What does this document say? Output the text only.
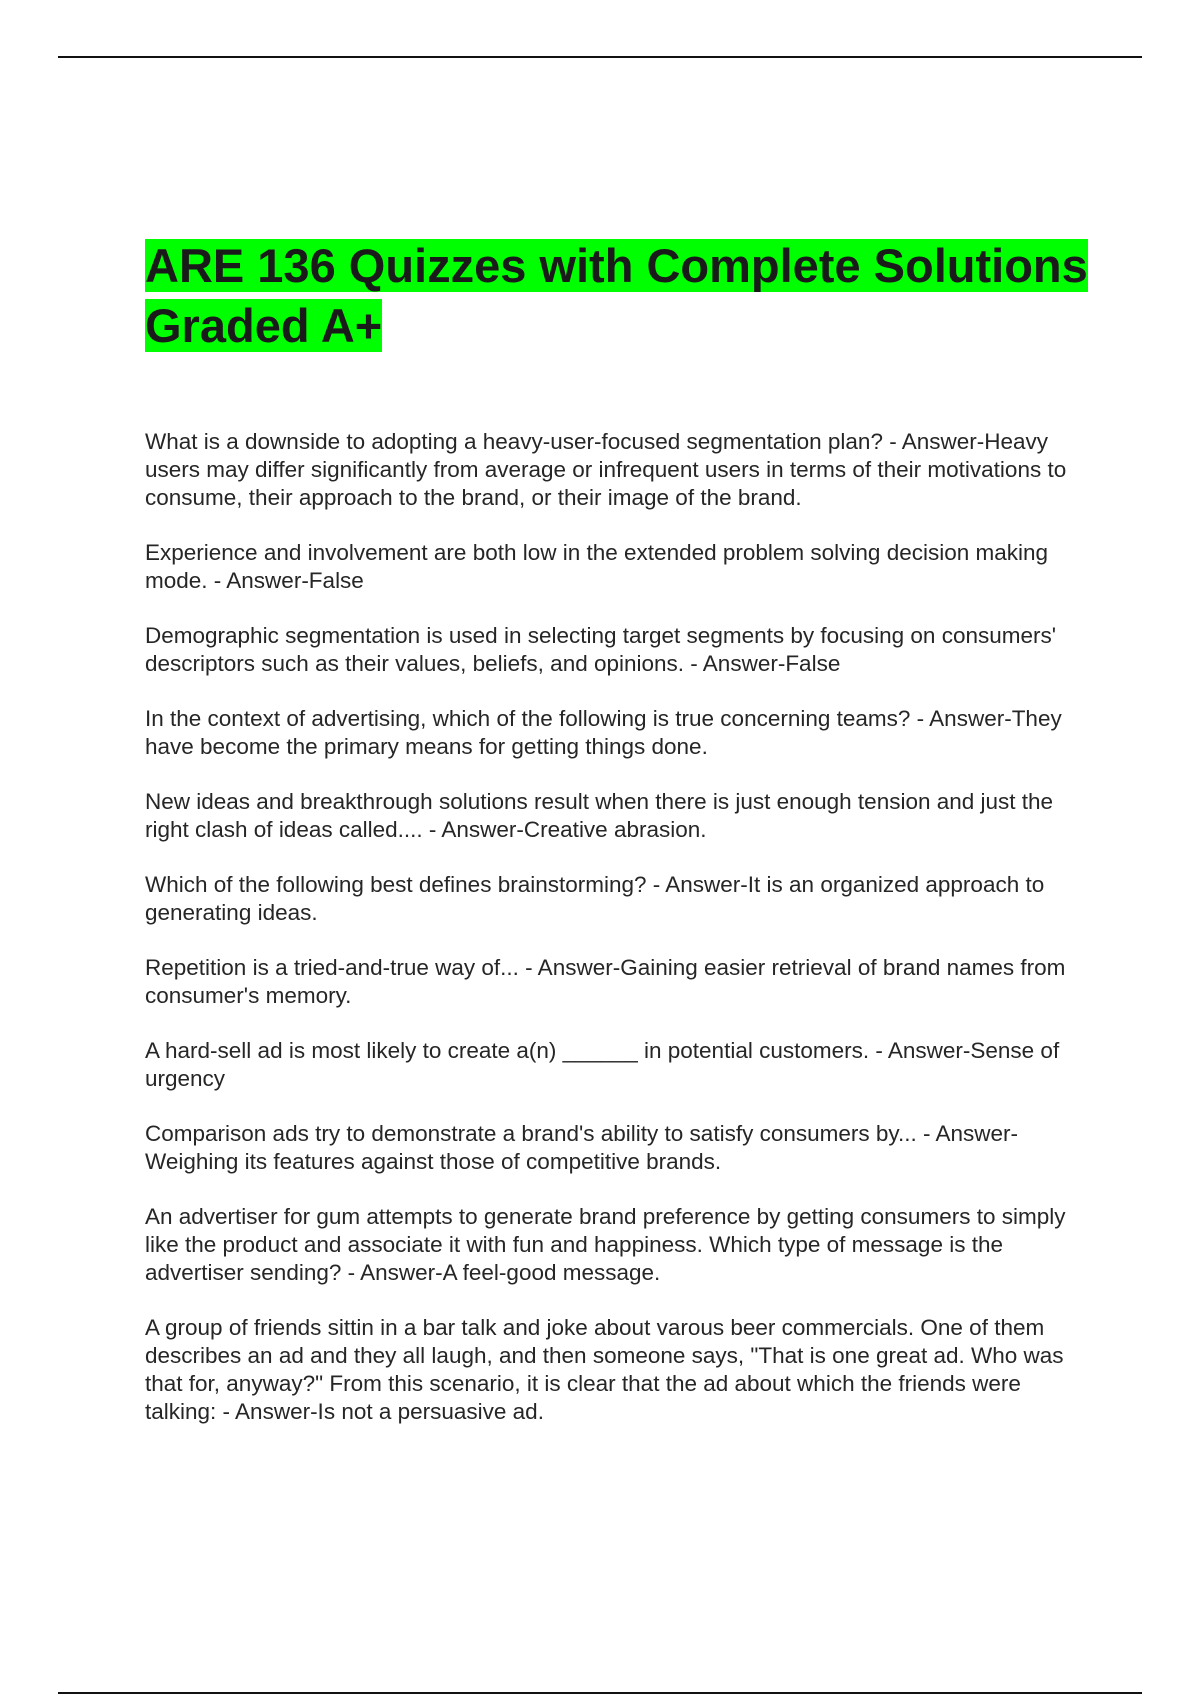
ARE 136 Quizzes with Complete Solutions Graded A+

What is a downside to adopting a heavy-user-focused segmentation plan? - Answer-Heavy users may differ significantly from average or infrequent users in terms of their motivations to consume, their approach to the brand, or their image of the brand.

Experience and involvement are both low in the extended problem solving decision making mode. - Answer-False

Demographic segmentation is used in selecting target segments by focusing on consumers' descriptors such as their values, beliefs, and opinions. - Answer-False

In the context of advertising, which of the following is true concerning teams? - Answer-They have become the primary means for getting things done.

New ideas and breakthrough solutions result when there is just enough tension and just the right clash of ideas called.... - Answer-Creative abrasion.

Which of the following best defines brainstorming? - Answer-It is an organized approach to generating ideas.

Repetition is a tried-and-true way of... - Answer-Gaining easier retrieval of brand names from consumer's memory.

A hard-sell ad is most likely to create a(n) ______ in potential customers. - Answer-Sense of urgency

Comparison ads try to demonstrate a brand's ability to satisfy consumers by... - Answer-Weighing its features against those of competitive brands.

An advertiser for gum attempts to generate brand preference by getting consumers to simply like the product and associate it with fun and happiness. Which type of message is the advertiser sending? - Answer-A feel-good message.

A group of friends sittin in a bar talk and joke about varous beer commercials. One of them describes an ad and they all laugh, and then someone says, "That is one great ad. Who was that for, anyway?" From this scenario, it is clear that the ad about which the friends were talking: - Answer-Is not a persuasive ad.
